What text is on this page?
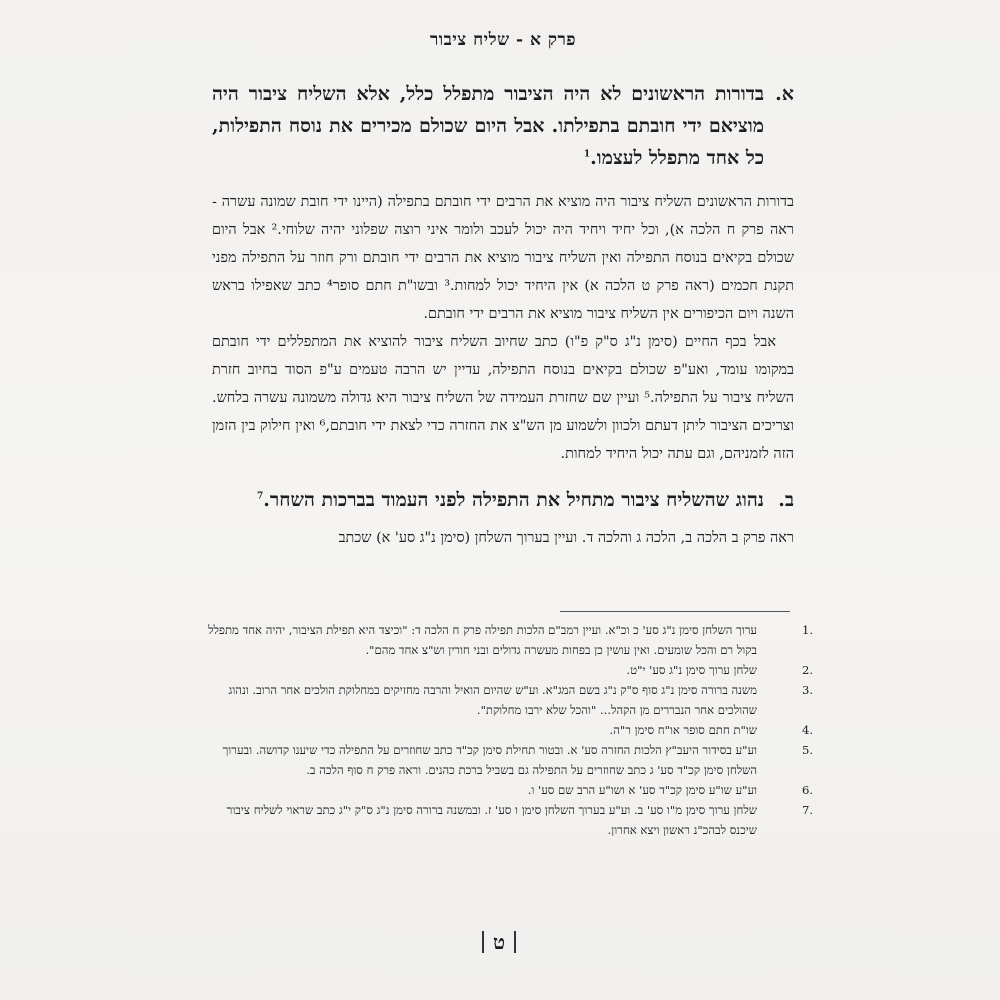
פרק א - שליח ציבור
א.
בדורות הראשונים לא היה הציבור מתפלל כלל, אלא השליח ציבור היה מוציאם ידי חובתם בתפילתו. אבל היום שכולם מכירים את נוסח התפילות, כל אחד מתפלל לעצמו.$^1$

בדורות הראשונים השליח ציבור היה מוציא את הרבים ידי חובתם בתפילה (היינו ידי חובת שמונה עשרה - ראה פרק ח הלכה א), וכל יחיד ויחיד היה יכול לעכב ולומר איני רוצה שפלוני יהיה שלוחי.² אבל היום שכולם בקיאים בנוסח התפילה ואין השליח ציבור מוציא את הרבים ידי חובתם ורק חוזר על התפילה מפני תקנת חכמים (ראה פרק ט הלכה א) אין היחיד יכול למחות.³ ובשו"ת חתם סופר⁴ כתב שאפילו בראש השנה ויום הכיפורים אין השליח ציבור מוציא את הרבים ידי חובתם.

אבל בכף החיים (סימן נ"ג ס"ק פ"ו) כתב שחיוב השליח ציבור להוציא את המתפללים ידי חובתם במקומו עומד, ואע"פ שכולם בקיאים בנוסח התפילה, עדיין יש הרבה טעמים ע"פ הסוד בחיוב חזרת השליח ציבור על התפילה.⁵ ועיין שם שחזרת העמידה של השליח ציבור היא גדולה משמונה עשרה בלחש. וצריכים הציבור ליתן דעתם ולכוון ולשמוע מן הש"צ את החזרה כדי לצאת ידי חובתם,⁶ ואין חילוק בין הזמן הזה לזמניהם, וגם עתה יכול היחיד למחות.

ב.
נהוג שהשליח ציבור מתחיל את התפילה לפני העמוד בברכות השחר.$^7$

ראה פרק ב הלכה ב, הלכה ג והלכה ד. ועיין בערוך השלחן (סימן נ"ג סע' א) שכתב

1.
ערוך השלחן סימן נ"ג סע' כ וכ"א. ועיין רמב"ם הלכות תפילה פרק ח הלכה ד: "וכיצד היא תפילת הציבור, יהיה אחד מתפלל בקול רם והכל שומעים. ואין עושין כן בפחות מעשרה גדולים ובני חורין וש"צ אחד מהם".

2.
שלחן ערוך סימן נ"ג סע' י"ט.

3.
משנה ברורה סימן נ"ג סוף ס"ק נ"ג בשם המג"א. וע"ש שהיום הואיל והרבה מחזיקים במחלוקת הולכים אחר הרוב. ונהוג שהולכים אחר הנבררים מן הקהל... "והכל שלא ירבו מחלוקת".

4.
שו"ת חתם סופר או"ח סימן ר"ה.

5.
וע"ע בסידור היעב"ץ הלכות החזרה סע' א. ובטור תחילת סימן קכ"ד כתב שחוזרים על התפילה כדי שיענו קדושה. ובערוך השלחן סימן קכ"ד סע' ג כתב שחוזרים על התפילה גם בשביל ברכת כהנים. וראה פרק ח סוף הלכה ב.

6.
וע"ע שו"ע סימן קכ"ד סע' א ושו"ע הרב שם סע' ו.

7.
שלחן ערוך סימן מ"ו סע' ב. וע"ע בערוך השלחן סימן ו סע' ז. ובמשנה ברורה סימן נ"ג ס"ק י"ג כתב שראוי לשליח ציבור שיכנס לבהכ"נ ראשון ויצא אחרון.

ט
